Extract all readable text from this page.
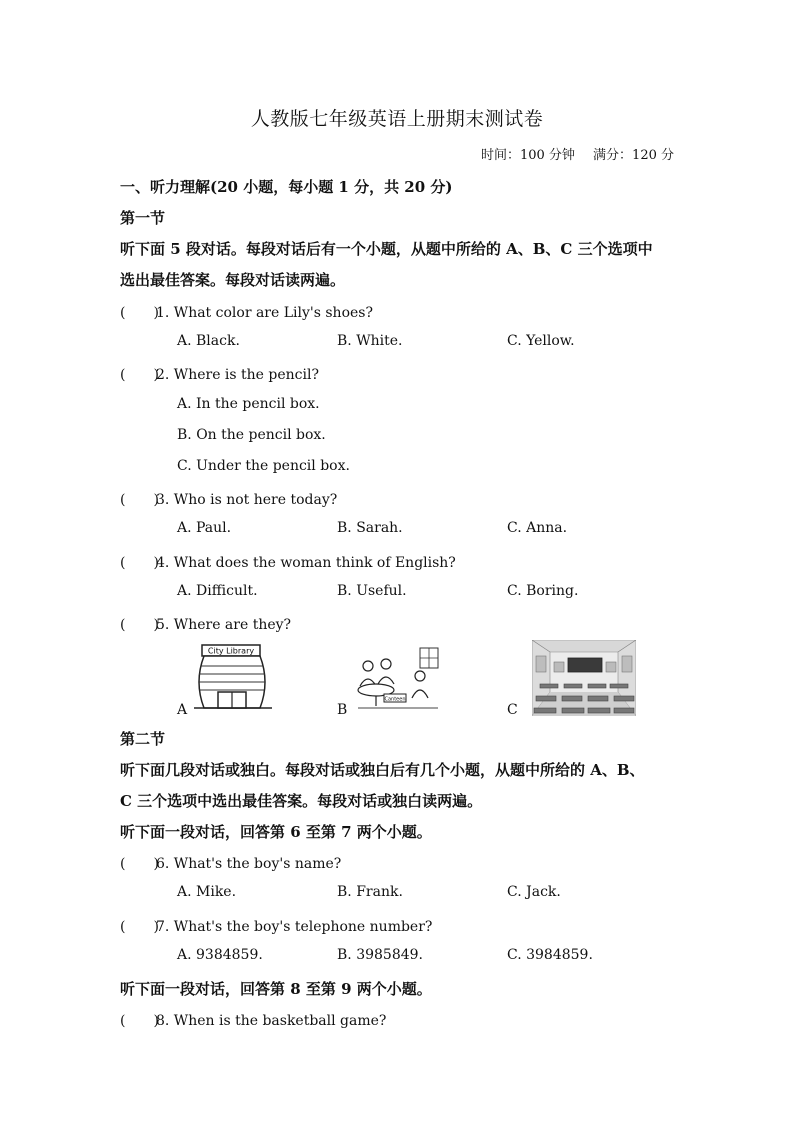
人教版七年级英语上册期末测试卷
时间：100 分钟 满分：120 分
一、听力理解(20 小题，每小题 1 分，共 20 分)
第一节
听下面 5 段对话。每段对话后有一个小题，从题中所给的 A、B、C 三个选项中
选出最佳答案。每段对话读两遍。
(　　)1. What color are Lily's shoes?
A. Black.	B. White.	C. Yellow.
(　　)2. Where is the pencil?
A. In the pencil box.
B. On the pencil box.
C. Under the pencil box.
(　　)3. Who is not here today?
A. Paul.	B. Sarah.	C. Anna.
(　　)4. What does the woman think of English?
A. Difficult.	B. Useful.	C. Boring.
(　　)5. Where are they?
A
City Library
B
Canteen
C
第二节
听下面几段对话或独白。每段对话或独白后有几个小题，从题中所给的 A、B、
C 三个选项中选出最佳答案。每段对话或独白读两遍。
听下面一段对话，回答第 6 至第 7 两个小题。
(　　)6. What's the boy's name?
A. Mike.	B. Frank.	C. Jack.
(　　)7. What's the boy's telephone number?
A. 9384859.	B. 3985849.	C. 3984859.
听下面一段对话，回答第 8 至第 9 两个小题。
(　　)8. When is the basketball game?
